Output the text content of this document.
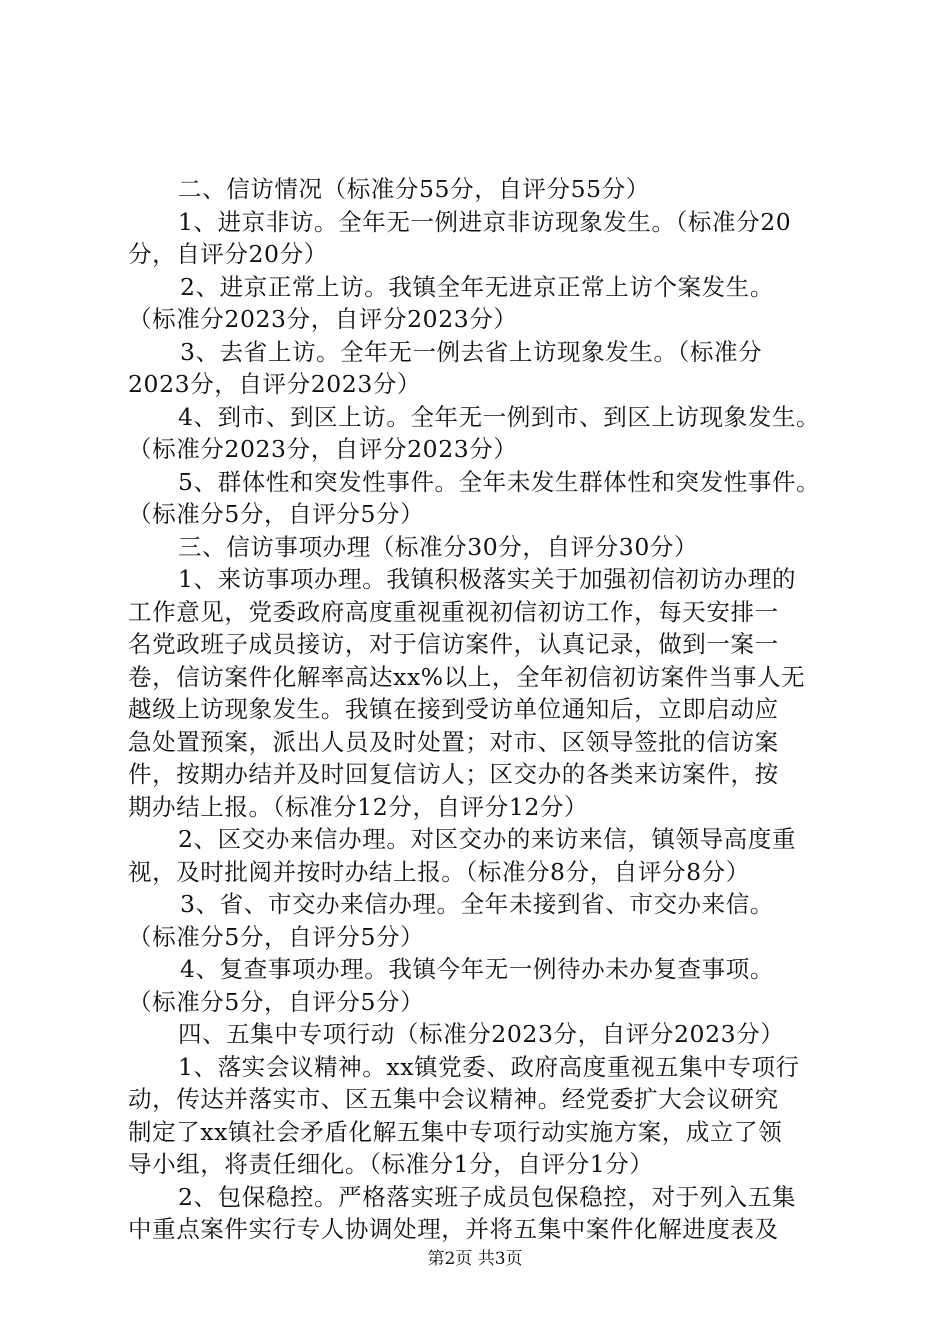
二、信访情况（标准分55分，自评分55分）
1、进京非访。全年无一例进京非访现象发生。（标准分20
分，自评分20分）
2、进京正常上访。我镇全年无进京正常上访个案发生。
（标准分2023分，自评分2023分）
3、去省上访。全年无一例去省上访现象发生。（标准分
2023分，自评分2023分）
4、到市、到区上访。全年无一例到市、到区上访现象发生。
（标准分2023分，自评分2023分）
5、群体性和突发性事件。全年未发生群体性和突发性事件。
（标准分5分，自评分5分）
三、信访事项办理（标准分30分，自评分30分）
1、来访事项办理。我镇积极落实关于加强初信初访办理的
工作意见，党委政府高度重视重视初信初访工作，每天安排一
名党政班子成员接访，对于信访案件，认真记录，做到一案一
卷，信访案件化解率高达xx%以上，全年初信初访案件当事人无
越级上访现象发生。我镇在接到受访单位通知后，立即启动应
急处置预案，派出人员及时处置；对市、区领导签批的信访案
件，按期办结并及时回复信访人；区交办的各类来访案件，按
期办结上报。（标准分12分，自评分12分）
2、区交办来信办理。对区交办的来访来信，镇领导高度重
视，及时批阅并按时办结上报。（标准分8分，自评分8分）
3、省、市交办来信办理。全年未接到省、市交办来信。
（标准分5分，自评分5分）
4、复查事项办理。我镇今年无一例待办未办复查事项。
（标准分5分，自评分5分）
四、五集中专项行动（标准分2023分，自评分2023分）
1、落实会议精神。xx镇党委、政府高度重视五集中专项行
动，传达并落实市、区五集中会议精神。经党委扩大会议研究
制定了xx镇社会矛盾化解五集中专项行动实施方案，成立了领
导小组，将责任细化。（标准分1分，自评分1分）
2、包保稳控。严格落实班子成员包保稳控，对于列入五集
中重点案件实行专人协调处理，并将五集中案件化解进度表及
第2页 共3页
